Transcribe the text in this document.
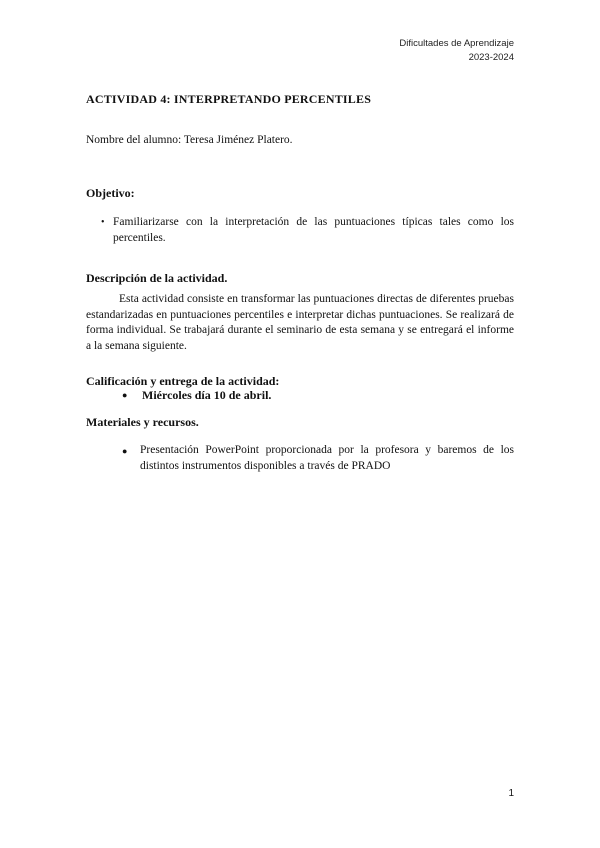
Dificultades de Aprendizaje
2023-2024
ACTIVIDAD 4: INTERPRETANDO PERCENTILES
Nombre del alumno: Teresa Jiménez Platero.
Objetivo:
• Familiarizarse con la interpretación de las puntuaciones típicas tales como los percentiles.
Descripción de la actividad.
Esta actividad consiste en transformar las puntuaciones directas de diferentes pruebas estandarizadas en puntuaciones percentiles e interpretar dichas puntuaciones. Se realizará de forma individual. Se trabajará durante el seminario de esta semana y se entregará el informe a la semana siguiente.
Calificación y entrega de la actividad:
●	Miércoles día 10 de abril.
Materiales y recursos.
●	Presentación PowerPoint proporcionada por la profesora y baremos de los distintos instrumentos disponibles a través de PRADO
1
